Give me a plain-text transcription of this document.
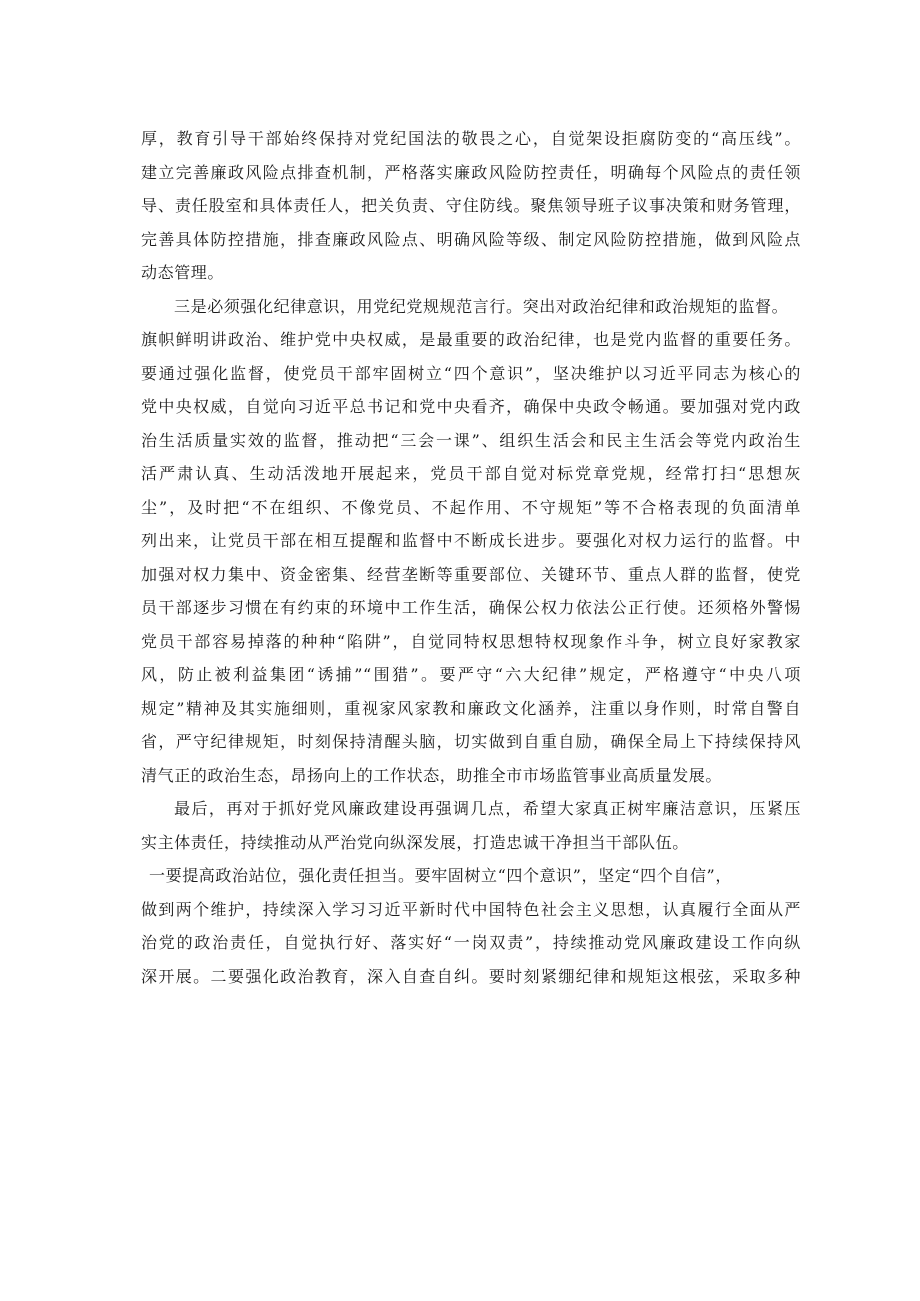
厚，教育引导干部始终保持对党纪国法的敬畏之心，自觉架设拒腐防变的“高压线”。
建立完善廉政风险点排查机制，严格落实廉政风险防控责任，明确每个风险点的责任领
导、责任股室和具体责任人，把关负责、守住防线。聚焦领导班子议事决策和财务管理，
完善具体防控措施，排查廉政风险点、明确风险等级、制定风险防控措施，做到风险点
动态管理。
三是必须强化纪律意识，用党纪党规规范言行。突出对政治纪律和政治规矩的监督。
旗帜鲜明讲政治、维护党中央权威，是最重要的政治纪律，也是党内监督的重要任务。
要通过强化监督，使党员干部牢固树立“四个意识”，坚决维护以习近平同志为核心的
党中央权威，自觉向习近平总书记和党中央看齐，确保中央政令畅通。要加强对党内政
治生活质量实效的监督，推动把“三会一课”、组织生活会和民主生活会等党内政治生
活严肃认真、生动活泼地开展起来，党员干部自觉对标党章党规，经常打扫“思想灰
尘”，及时把“不在组织、不像党员、不起作用、不守规矩”等不合格表现的负面清单
列出来，让党员干部在相互提醒和监督中不断成长进步。要强化对权力运行的监督。中
加强对权力集中、资金密集、经营垄断等重要部位、关键环节、重点人群的监督，使党
员干部逐步习惯在有约束的环境中工作生活，确保公权力依法公正行使。还须格外警惕
党员干部容易掉落的种种“陷阱”，自觉同特权思想特权现象作斗争，树立良好家教家
风，防止被利益集团“诱捕”“围猎”。要严守“六大纪律”规定，严格遵守“中央八项
规定”精神及其实施细则，重视家风家教和廉政文化涵养，注重以身作则，时常自警自
省，严守纪律规矩，时刻保持清醒头脑，切实做到自重自励，确保全局上下持续保持风
清气正的政治生态，昂扬向上的工作状态，助推全市市场监管事业高质量发展。
最后，再对于抓好党风廉政建设再强调几点，希望大家真正树牢廉洁意识，压紧压
实主体责任，持续推动从严治党向纵深发展，打造忠诚干净担当干部队伍。
一要提高政治站位，强化责任担当。要牢固树立“四个意识”，坚定“四个自信”，
做到两个维护，持续深入学习习近平新时代中国特色社会主义思想，认真履行全面从严
治党的政治责任，自觉执行好、落实好“一岗双责”，持续推动党风廉政建设工作向纵
深开展。二要强化政治教育，深入自查自纠。要时刻紧绷纪律和规矩这根弦，采取多种
